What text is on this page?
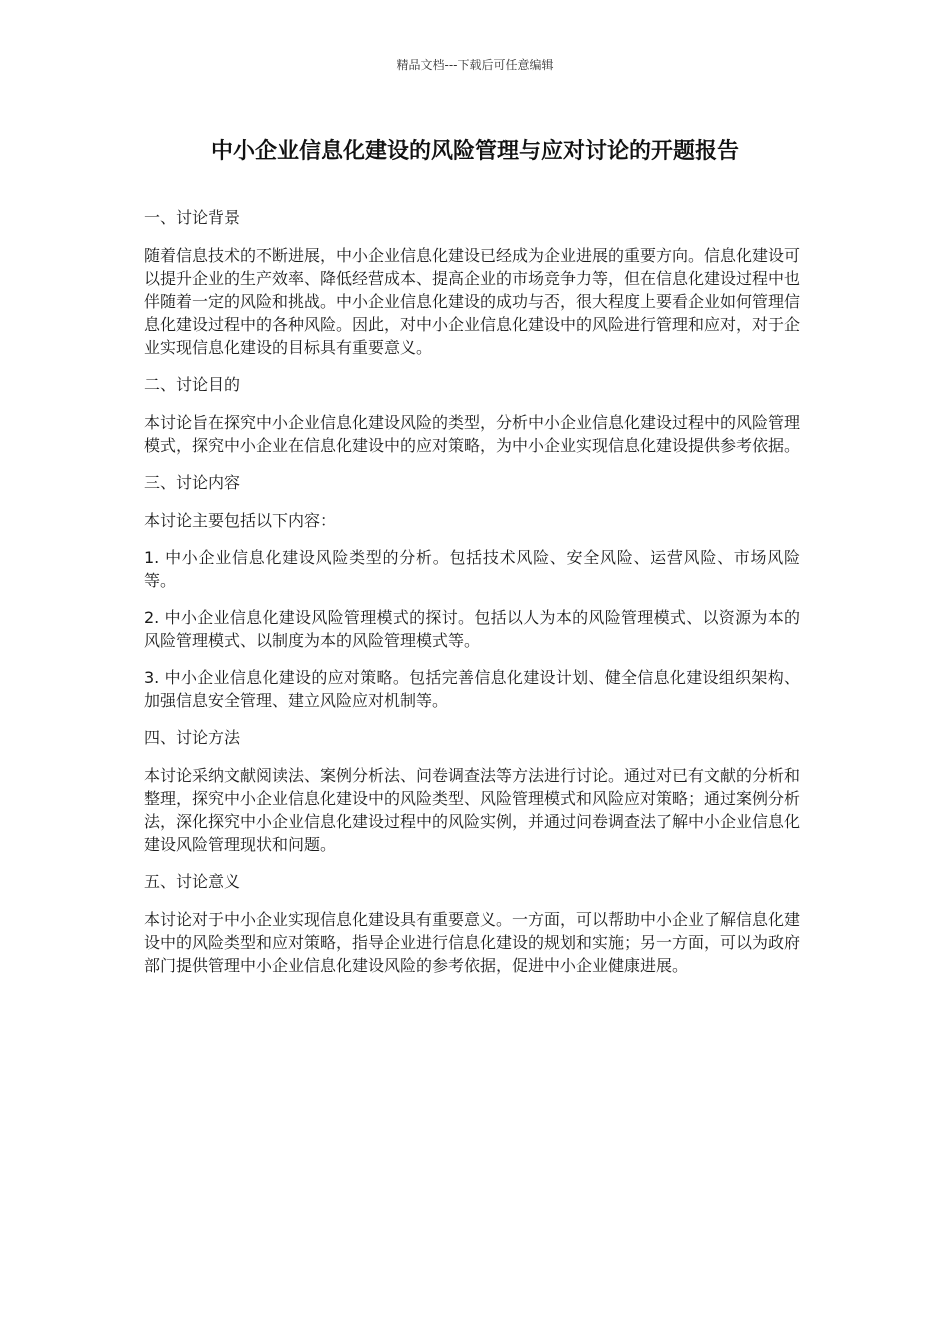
精品文档---下载后可任意编辑
中小企业信息化建设的风险管理与应对讨论的开题报告

一、讨论背景

随着信息技术的不断进展，中小企业信息化建设已经成为企业进展的重要方向。信息化建设可以提升企业的生产效率、降低经营成本、提高企业的市场竞争力等，但在信息化建设过程中也伴随着一定的风险和挑战。中小企业信息化建设的成功与否，很大程度上要看企业如何管理信息化建设过程中的各种风险。因此，对中小企业信息化建设中的风险进行管理和应对，对于企业实现信息化建设的目标具有重要意义。

二、讨论目的

本讨论旨在探究中小企业信息化建设风险的类型，分析中小企业信息化建设过程中的风险管理模式，探究中小企业在信息化建设中的应对策略，为中小企业实现信息化建设提供参考依据。

三、讨论内容

本讨论主要包括以下内容：

1. 中小企业信息化建设风险类型的分析。包括技术风险、安全风险、运营风险、市场风险等。

2. 中小企业信息化建设风险管理模式的探讨。包括以人为本的风险管理模式、以资源为本的风险管理模式、以制度为本的风险管理模式等。

3. 中小企业信息化建设的应对策略。包括完善信息化建设计划、健全信息化建设组织架构、加强信息安全管理、建立风险应对机制等。

四、讨论方法

本讨论采纳文献阅读法、案例分析法、问卷调查法等方法进行讨论。通过对已有文献的分析和整理，探究中小企业信息化建设中的风险类型、风险管理模式和风险应对策略；通过案例分析法，深化探究中小企业信息化建设过程中的风险实例，并通过问卷调查法了解中小企业信息化建设风险管理现状和问题。

五、讨论意义

本讨论对于中小企业实现信息化建设具有重要意义。一方面，可以帮助中小企业了解信息化建设中的风险类型和应对策略，指导企业进行信息化建设的规划和实施；另一方面，可以为政府部门提供管理中小企业信息化建设风险的参考依据，促进中小企业健康进展。
